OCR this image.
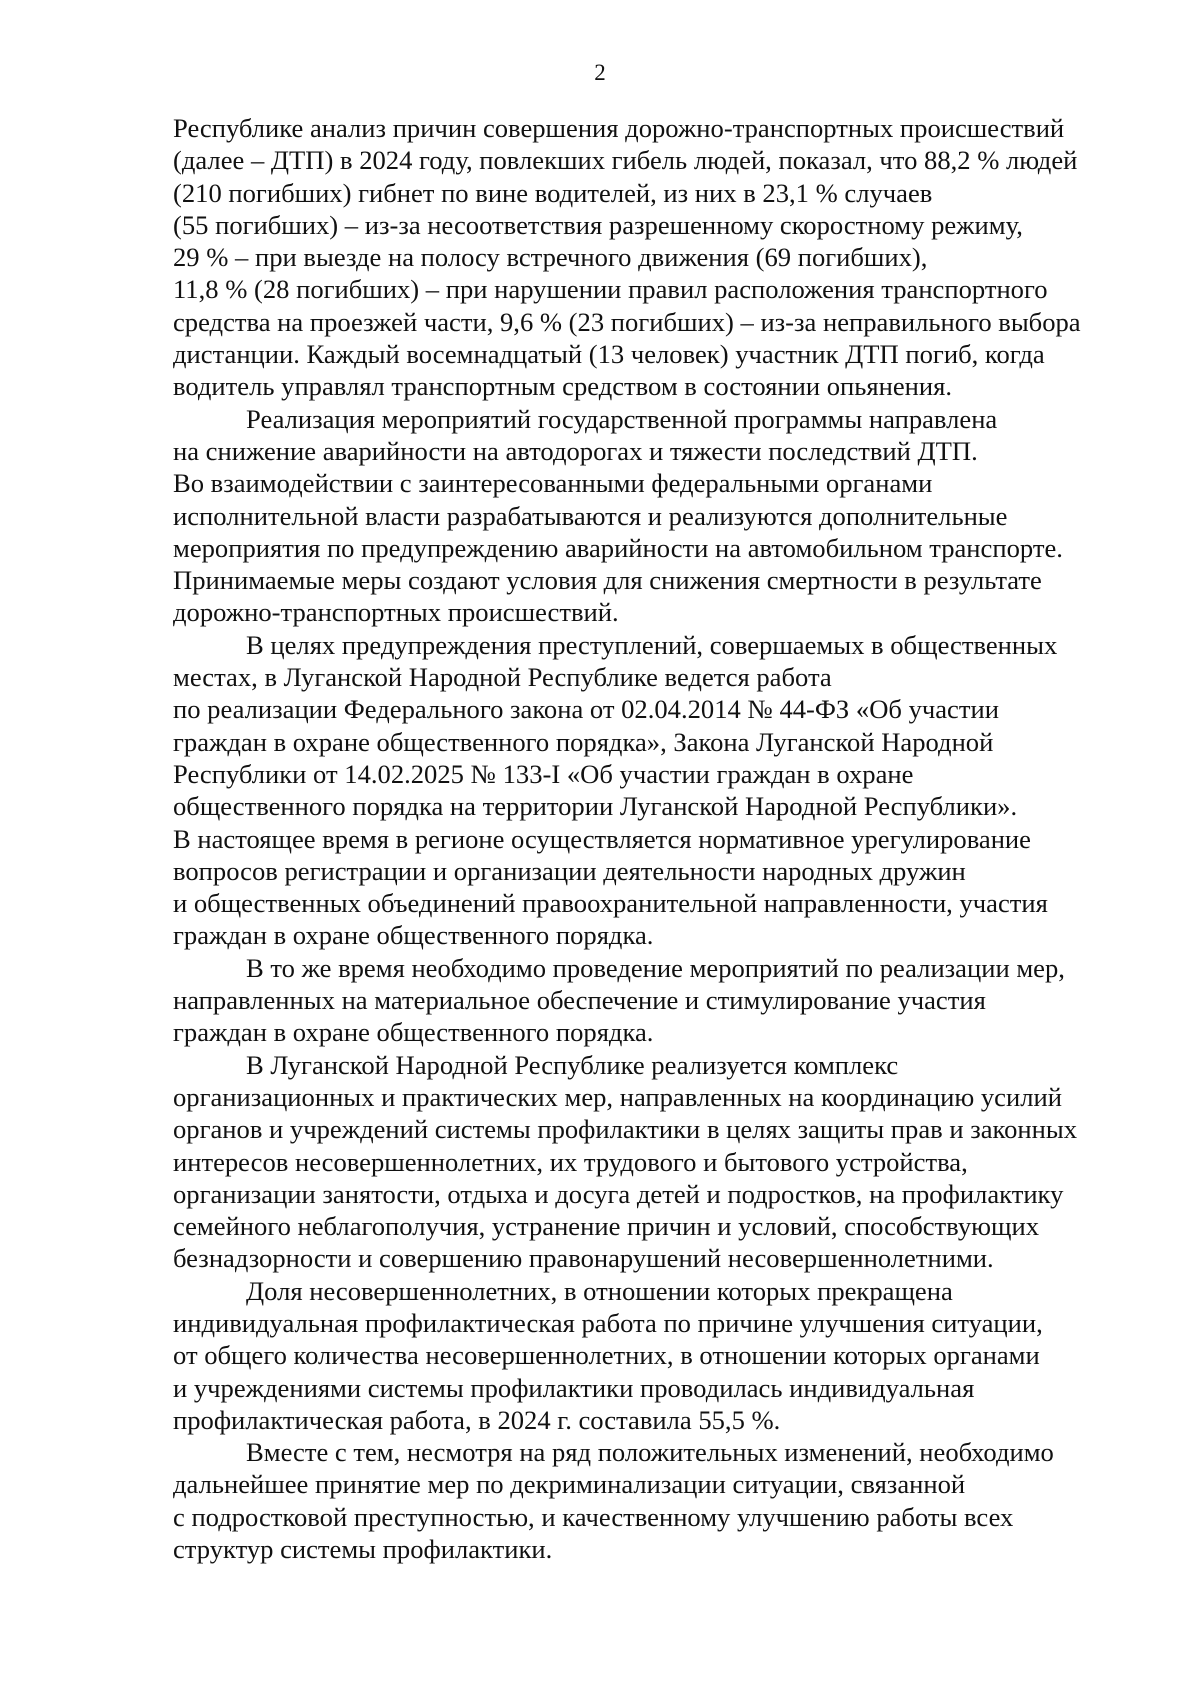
2
Республике анализ причин совершения дорожно-транспортных происшествий
(далее – ДТП) в 2024 году, повлекших гибель людей, показал, что 88,2 % людей
(210 погибших) гибнет по вине водителей, из них в 23,1 % случаев
(55 погибших) – из-за несоответствия разрешенному скоростному режиму,
29 % – при выезде на полосу встречного движения (69 погибших),
11,8 % (28 погибших) – при нарушении правил расположения транспортного
средства на проезжей части, 9,6 % (23 погибших) – из-за неправильного выбора
дистанции. Каждый восемнадцатый (13 человек) участник ДТП погиб, когда
водитель управлял транспортным средством в состоянии опьянения.
Реализация мероприятий государственной программы направлена
на снижение аварийности на автодорогах и тяжести последствий ДТП.
Во взаимодействии с заинтересованными федеральными органами
исполнительной власти разрабатываются и реализуются дополнительные
мероприятия по предупреждению аварийности на автомобильном транспорте.
Принимаемые меры создают условия для снижения смертности в результате
дорожно-транспортных происшествий.
В целях предупреждения преступлений, совершаемых в общественных
местах, в Луганской Народной Республике ведется работа
по реализации Федерального закона от 02.04.2014 № 44-ФЗ «Об участии
граждан в охране общественного порядка», Закона Луганской Народной
Республики от 14.02.2025 № 133-I «Об участии граждан в охране
общественного порядка на территории Луганской Народной Республики».
В настоящее время в регионе осуществляется нормативное урегулирование
вопросов регистрации и организации деятельности народных дружин
и общественных объединений правоохранительной направленности, участия
граждан в охране общественного порядка.
В то же время необходимо проведение мероприятий по реализации мер,
направленных на материальное обеспечение и стимулирование участия
граждан в охране общественного порядка.
В Луганской Народной Республике реализуется комплекс
организационных и практических мер, направленных на координацию усилий
органов и учреждений системы профилактики в целях защиты прав и законных
интересов несовершеннолетних, их трудового и бытового устройства,
организации занятости, отдыха и досуга детей и подростков, на профилактику
семейного неблагополучия, устранение причин и условий, способствующих
безнадзорности и совершению правонарушений несовершеннолетними.
Доля несовершеннолетних, в отношении которых прекращена
индивидуальная профилактическая работа по причине улучшения ситуации,
от общего количества несовершеннолетних, в отношении которых органами
и учреждениями системы профилактики проводилась индивидуальная
профилактическая работа, в 2024 г. составила 55,5 %.
Вместе с тем, несмотря на ряд положительных изменений, необходимо
дальнейшее принятие мер по декриминализации ситуации, связанной
с подростковой преступностью, и качественному улучшению работы всех
структур системы профилактики.
